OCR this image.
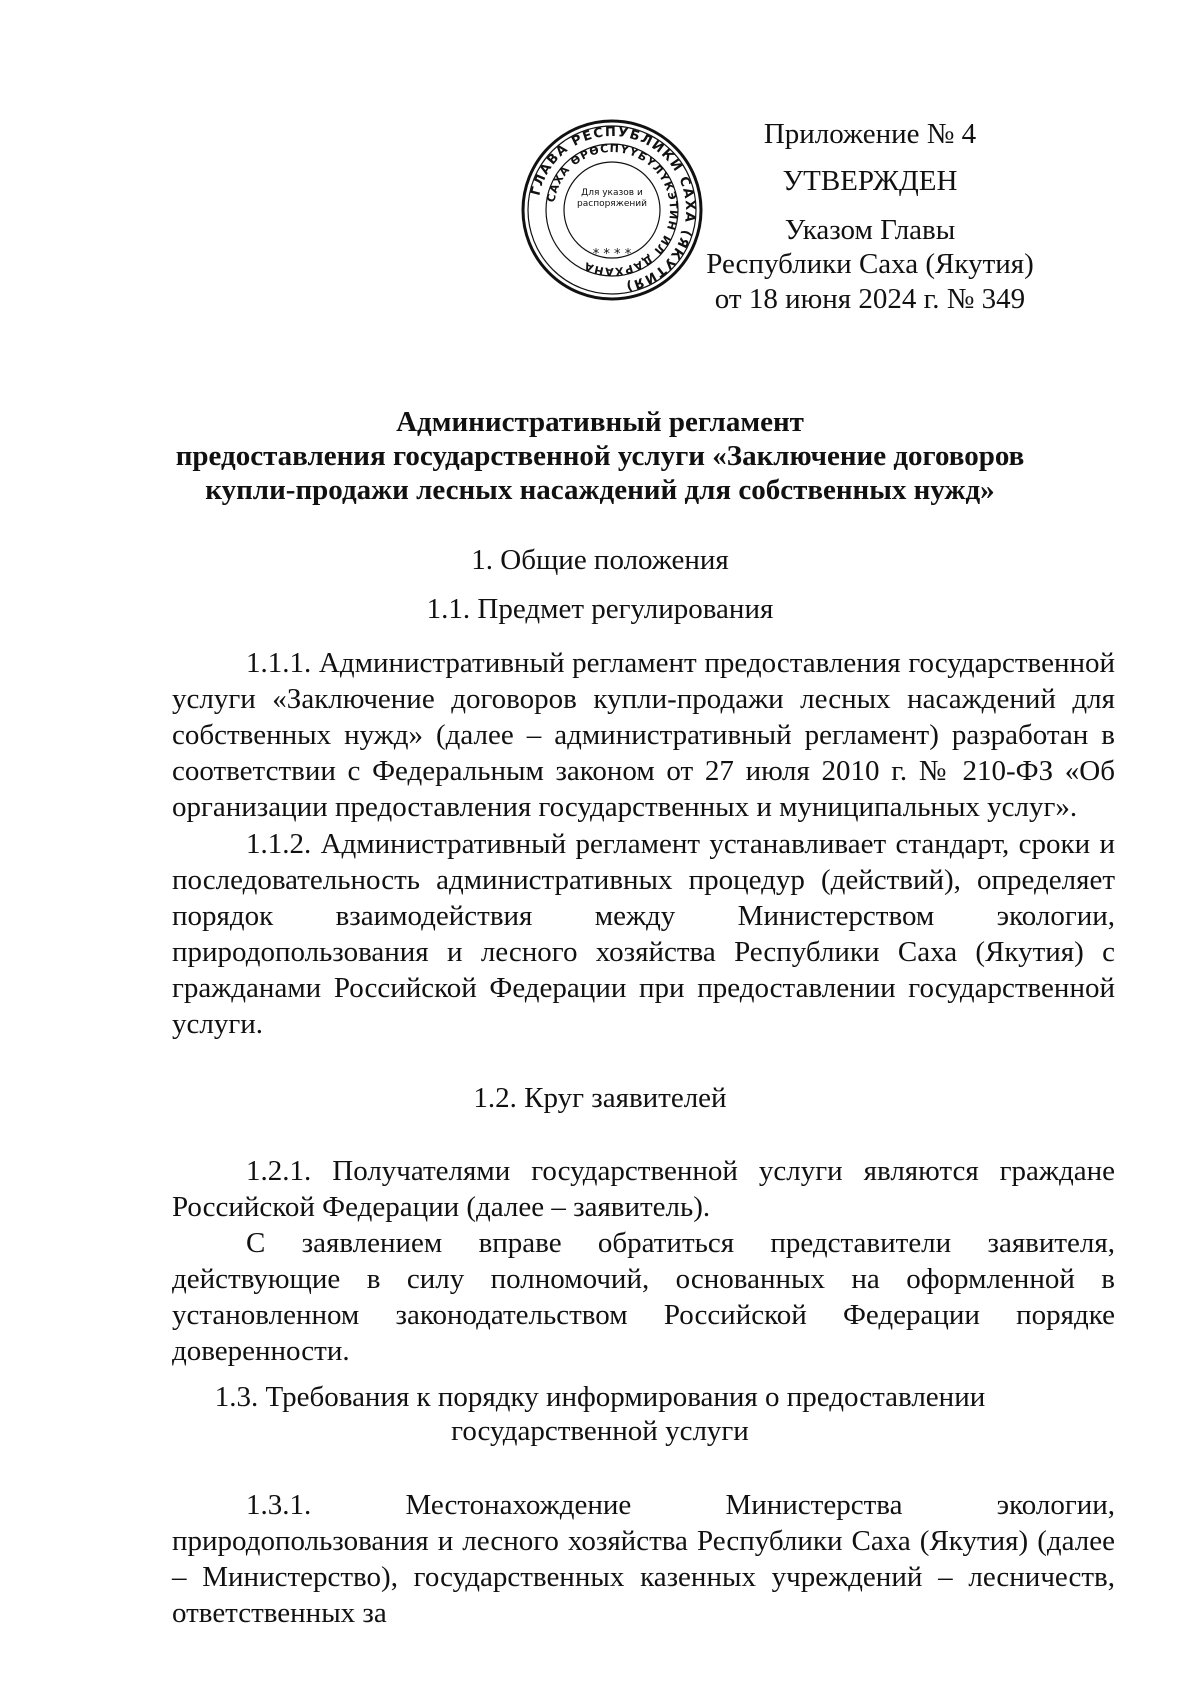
ГЛАВА РЕСПУБЛИКИ САХА (ЯКУТИЯ)
САХА ӨРӨСПҮҮБҮЛҮКЭТИН ИЛ ДАРХАНА
Для указов и распоряжений
* * * *
Приложение № 4
УТВЕРЖДЕН
Указом Главы
Республики Саха (Якутия)
от 18 июня 2024 г. № 349
Административный регламент
предоставления государственной услуги «Заключение договоров
купли-продажи лесных насаждений для собственных нужд»
1. Общие положения
1.1. Предмет регулирования

1.1.1. Административный регламент предоставления государственной услуги «Заключение договоров купли-продажи лесных насаждений для собственных нужд» (далее – административный регламент) разработан в соответствии с Федеральным законом от 27 июля 2010 г. № 210-ФЗ «Об организации предоставления государственных и муниципальных услуг».

1.1.2. Административный регламент устанавливает стандарт, сроки и последовательность административных процедур (действий), определяет порядок взаимодействия между Министерством экологии, природопользования и лесного хозяйства Республики Саха (Якутия) с гражданами Российской Федерации при предоставлении государственной услуги.

1.2. Круг заявителей

1.2.1. Получателями государственной услуги являются граждане Российской Федерации (далее – заявитель).

С заявлением вправе обратиться представители заявителя, действующие в силу полномочий, основанных на оформленной в установленном законодательством Российской Федерации порядке доверенности.

1.3. Требования к порядку информирования о предоставлении
государственной услуги

1.3.1. Местонахождение Министерства экологии, природопользования и лесного хозяйства Республики Саха (Якутия) (далее – Министерство), государственных казенных учреждений – лесничеств, ответственных за
